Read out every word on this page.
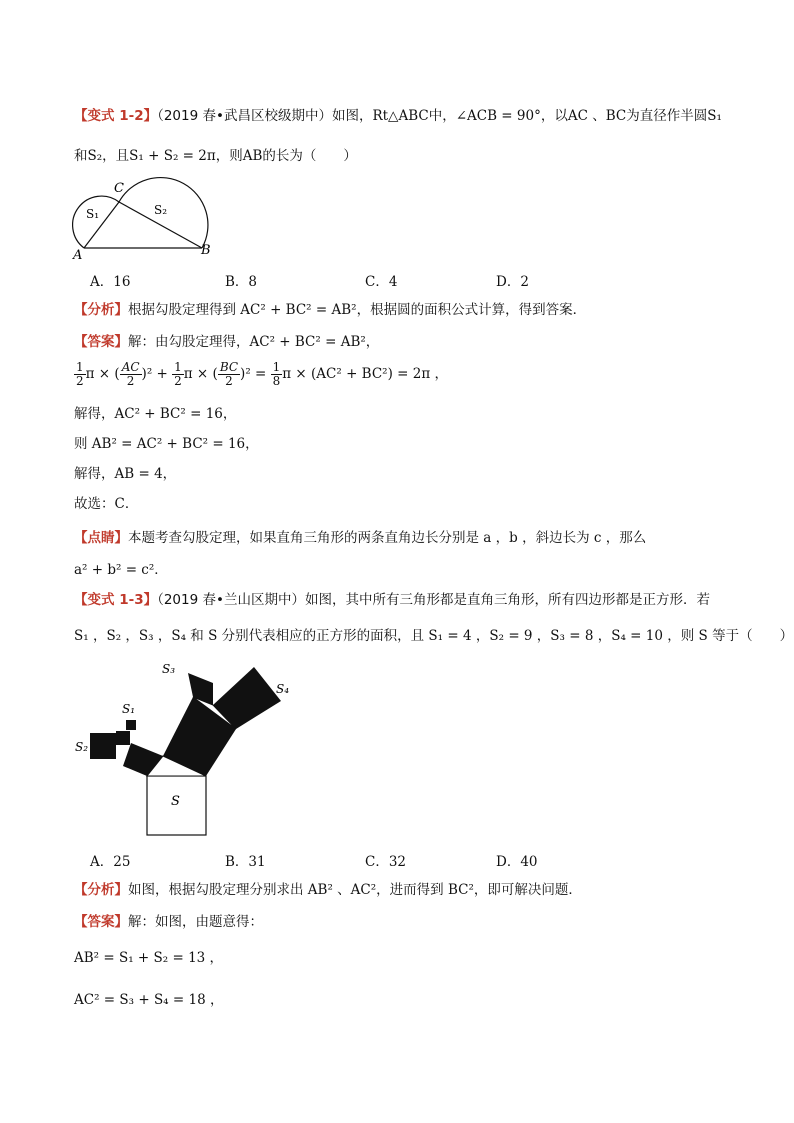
【变式 1-2】（2019 春•武昌区校级期中）如图，Rt△ABC中，∠ACB = 90°，以AC 、BC为直径作半圆S₁
和S₂，且S₁ + S₂ = 2π，则AB的长为（　　）
C
A	B
S₁	S₂
A．16	B．8	C．4	D．2
【分析】根据勾股定理得到 AC² + BC² = AB²，根据圆的面积公式计算，得到答案．
【答案】解：由勾股定理得，AC² + BC² = AB²，
$\frac{1}{2}$ π × ( $\frac{AC}{2} )^2 + \frac{1}{2}$ π × ( $\frac{BC}{2} )^2 = \frac{1}{8}$ π × (AC² + BC²) = 2π ，
解得，AC² + BC² = 16，
则 AB² = AC² + BC² = 16，
解得，AB = 4，
故选：C．
【点睛】本题考查勾股定理，如果直角三角形的两条直角边长分别是 a ，b ，斜边长为 c ，那么
a² + b² = c²．
【变式 1-3】（2019 春•兰山区期中）如图，其中所有三角形都是直角三角形，所有四边形都是正方形．若
S₁ ，S₂ ，S₃ ，S₄ 和 S 分别代表相应的正方形的面积，且 S₁ = 4 ，S₂ = 9 ，S₃ = 8 ，S₄ = 10 ，则 S 等于（　　）
S
S₁
S₂
S₃
S₄
A．25	B．31	C．32	D．40
【分析】如图，根据勾股定理分别求出 AB² 、AC²，进而得到 BC²，即可解决问题．
【答案】解：如图，由题意得：
AB² = S₁ + S₂ = 13 ，
AC² = S₃ + S₄ = 18 ，
